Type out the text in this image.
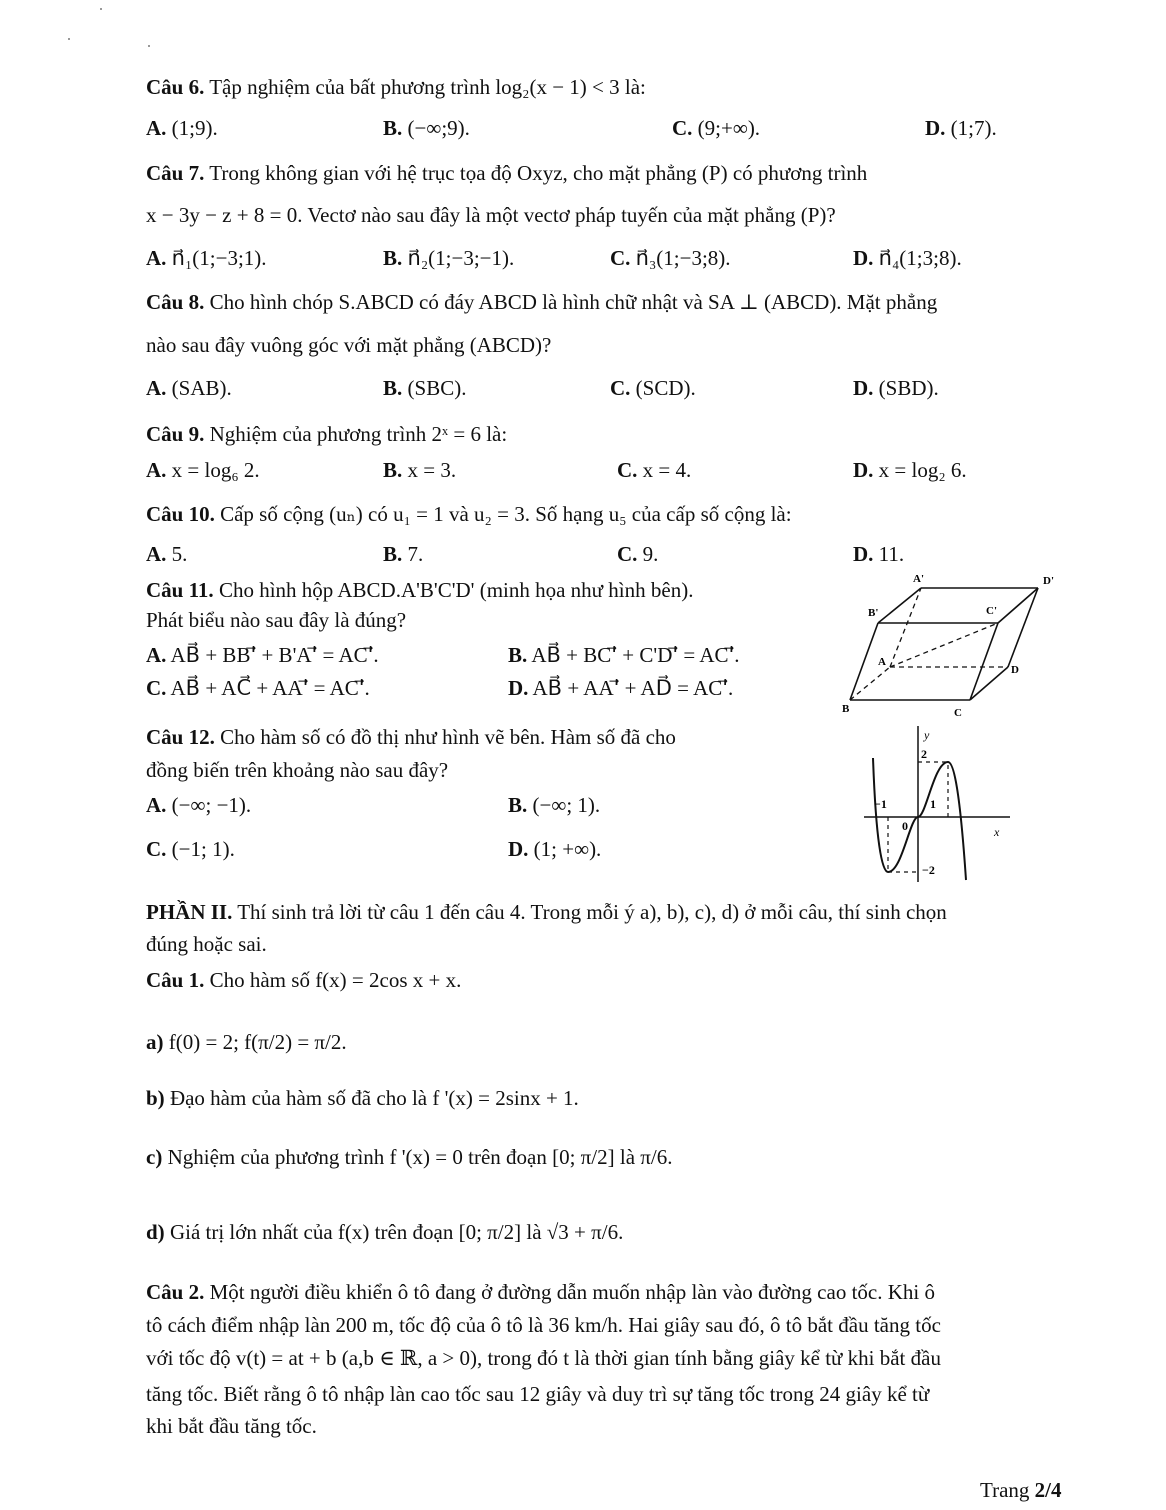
Câu 6. Tập nghiệm của bất phương trình log₂(x − 1) < 3 là:
A. (1;9).	B. (−∞;9).	C. (9;+∞).	D. (1;7).
Câu 7. Trong không gian với hệ trục tọa độ Oxyz, cho mặt phẳng (P) có phương trình
x − 3y − z + 8 = 0. Vectơ nào sau đây là một vectơ pháp tuyến của mặt phẳng (P)?
A. n⃗₁(1;−3;1).	B. n⃗₂(1;−3;−1).	C. n⃗₃(1;−3;8).	D. n⃗₄(1;3;8).
Câu 8. Cho hình chóp S.ABCD có đáy ABCD là hình chữ nhật và SA ⊥ (ABCD). Mặt phẳng
nào sau đây vuông góc với mặt phẳng (ABCD)?
A. (SAB).	B. (SBC).	C. (SCD).	D. (SBD).
Câu 9. Nghiệm của phương trình 2ˣ = 6 là:
A. x = log₆ 2.	B. x = 3.	C. x = 4.	D. x = log₂ 6.
Câu 10. Cấp số cộng (uₙ) có u₁ = 1 và u₂ = 3. Số hạng u₅ của cấp số cộng là:
A. 5.	B. 7.	C. 9.	D. 11.
Câu 11. Cho hình hộp ABCD.A'B'C'D' (minh họa như hình bên).
Phát biểu nào sau đây là đúng?
A. AB⃗ + BB'⃗ + B'A'⃗ = AC'⃗.	B. AB⃗ + BC'⃗ + C'D'⃗ = AC'⃗.
C. AB⃗ + AC⃗ + AA'⃗ = AC'⃗.	D. AB⃗ + AA'⃗ + AD⃗ = AC'⃗.
A'	D'
B'	C'
A
D
B	C
Câu 12. Cho hàm số có đồ thị như hình vẽ bên. Hàm số đã cho
đồng biến trên khoảng nào sau đây?
A. (−∞; −1).	B. (−∞; 1).
C. (−1; 1).	D. (1; +∞).
y
x
2
−1	1
0
−2
PHẦN II. Thí sinh trả lời từ câu 1 đến câu 4. Trong mỗi ý a), b), c), d) ở mỗi câu, thí sinh chọn
đúng hoặc sai.
Câu 1. Cho hàm số f(x) = 2cos x + x.
a) f(0) = 2; f(π/2) = π/2.
b) Đạo hàm của hàm số đã cho là f '(x) = 2sinx + 1.
c) Nghiệm của phương trình f '(x) = 0 trên đoạn [0; π/2] là π/6.
d) Giá trị lớn nhất của f(x) trên đoạn [0; π/2] là √3 + π/6.
Câu 2. Một người điều khiển ô tô đang ở đường dẫn muốn nhập làn vào đường cao tốc. Khi ô
tô cách điểm nhập làn 200 m, tốc độ của ô tô là 36 km/h. Hai giây sau đó, ô tô bắt đầu tăng tốc
với tốc độ v(t) = at + b (a,b ∈ ℝ, a > 0), trong đó t là thời gian tính bằng giây kể từ khi bắt đầu
tăng tốc. Biết rằng ô tô nhập làn cao tốc sau 12 giây và duy trì sự tăng tốc trong 24 giây kể từ
khi bắt đầu tăng tốc.
Trang 2/4
